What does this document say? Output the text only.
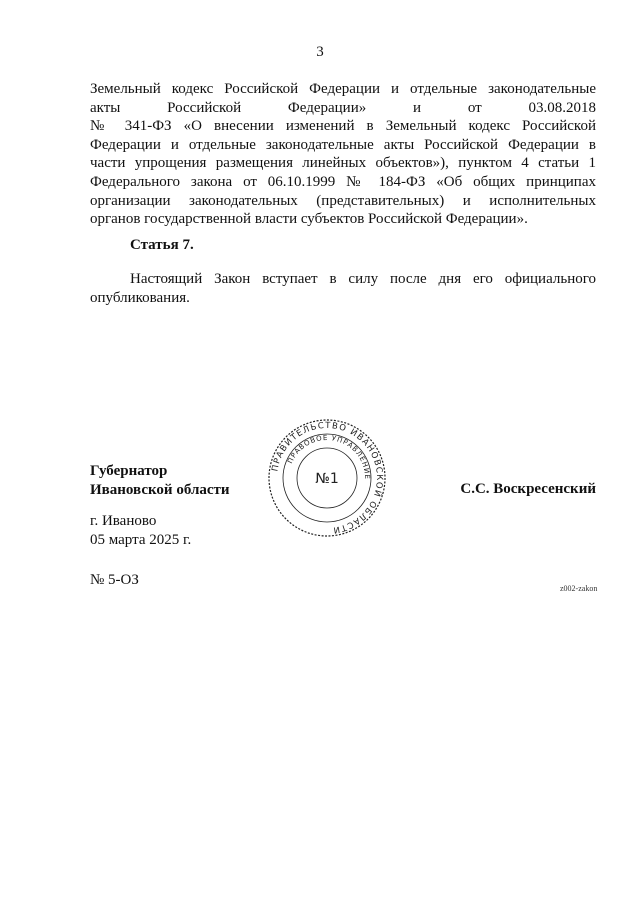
3
Земельный кодекс Российской Федерации и отдельные законодательные
акты Российской Федерации» и от 03.08.2018
№ 341-ФЗ «О внесении изменений в Земельный кодекс Российской
Федерации и отдельные законодательные акты Российской Федерации в
части упрощения размещения линейных объектов»), пунктом 4 статьи 1
Федерального закона от 06.10.1999 № 184-ФЗ «Об общих принципах
организации законодательных (представительных) и исполнительных
органов государственной власти субъектов Российской Федерации».
Статья 7.
Настоящий Закон вступает в силу после дня его официального
опубликования.
Губернатор
Ивановской области
ПРАВИТЕЛЬСТВО ИВАНОВСКОЙ ОБЛАСТИ
ПРАВОВОЕ УПРАВЛЕНИЕ
№1
С.С. Воскресенский
г. Иваново
05 марта 2025 г.
№ 5-ОЗ
z002-zakon
